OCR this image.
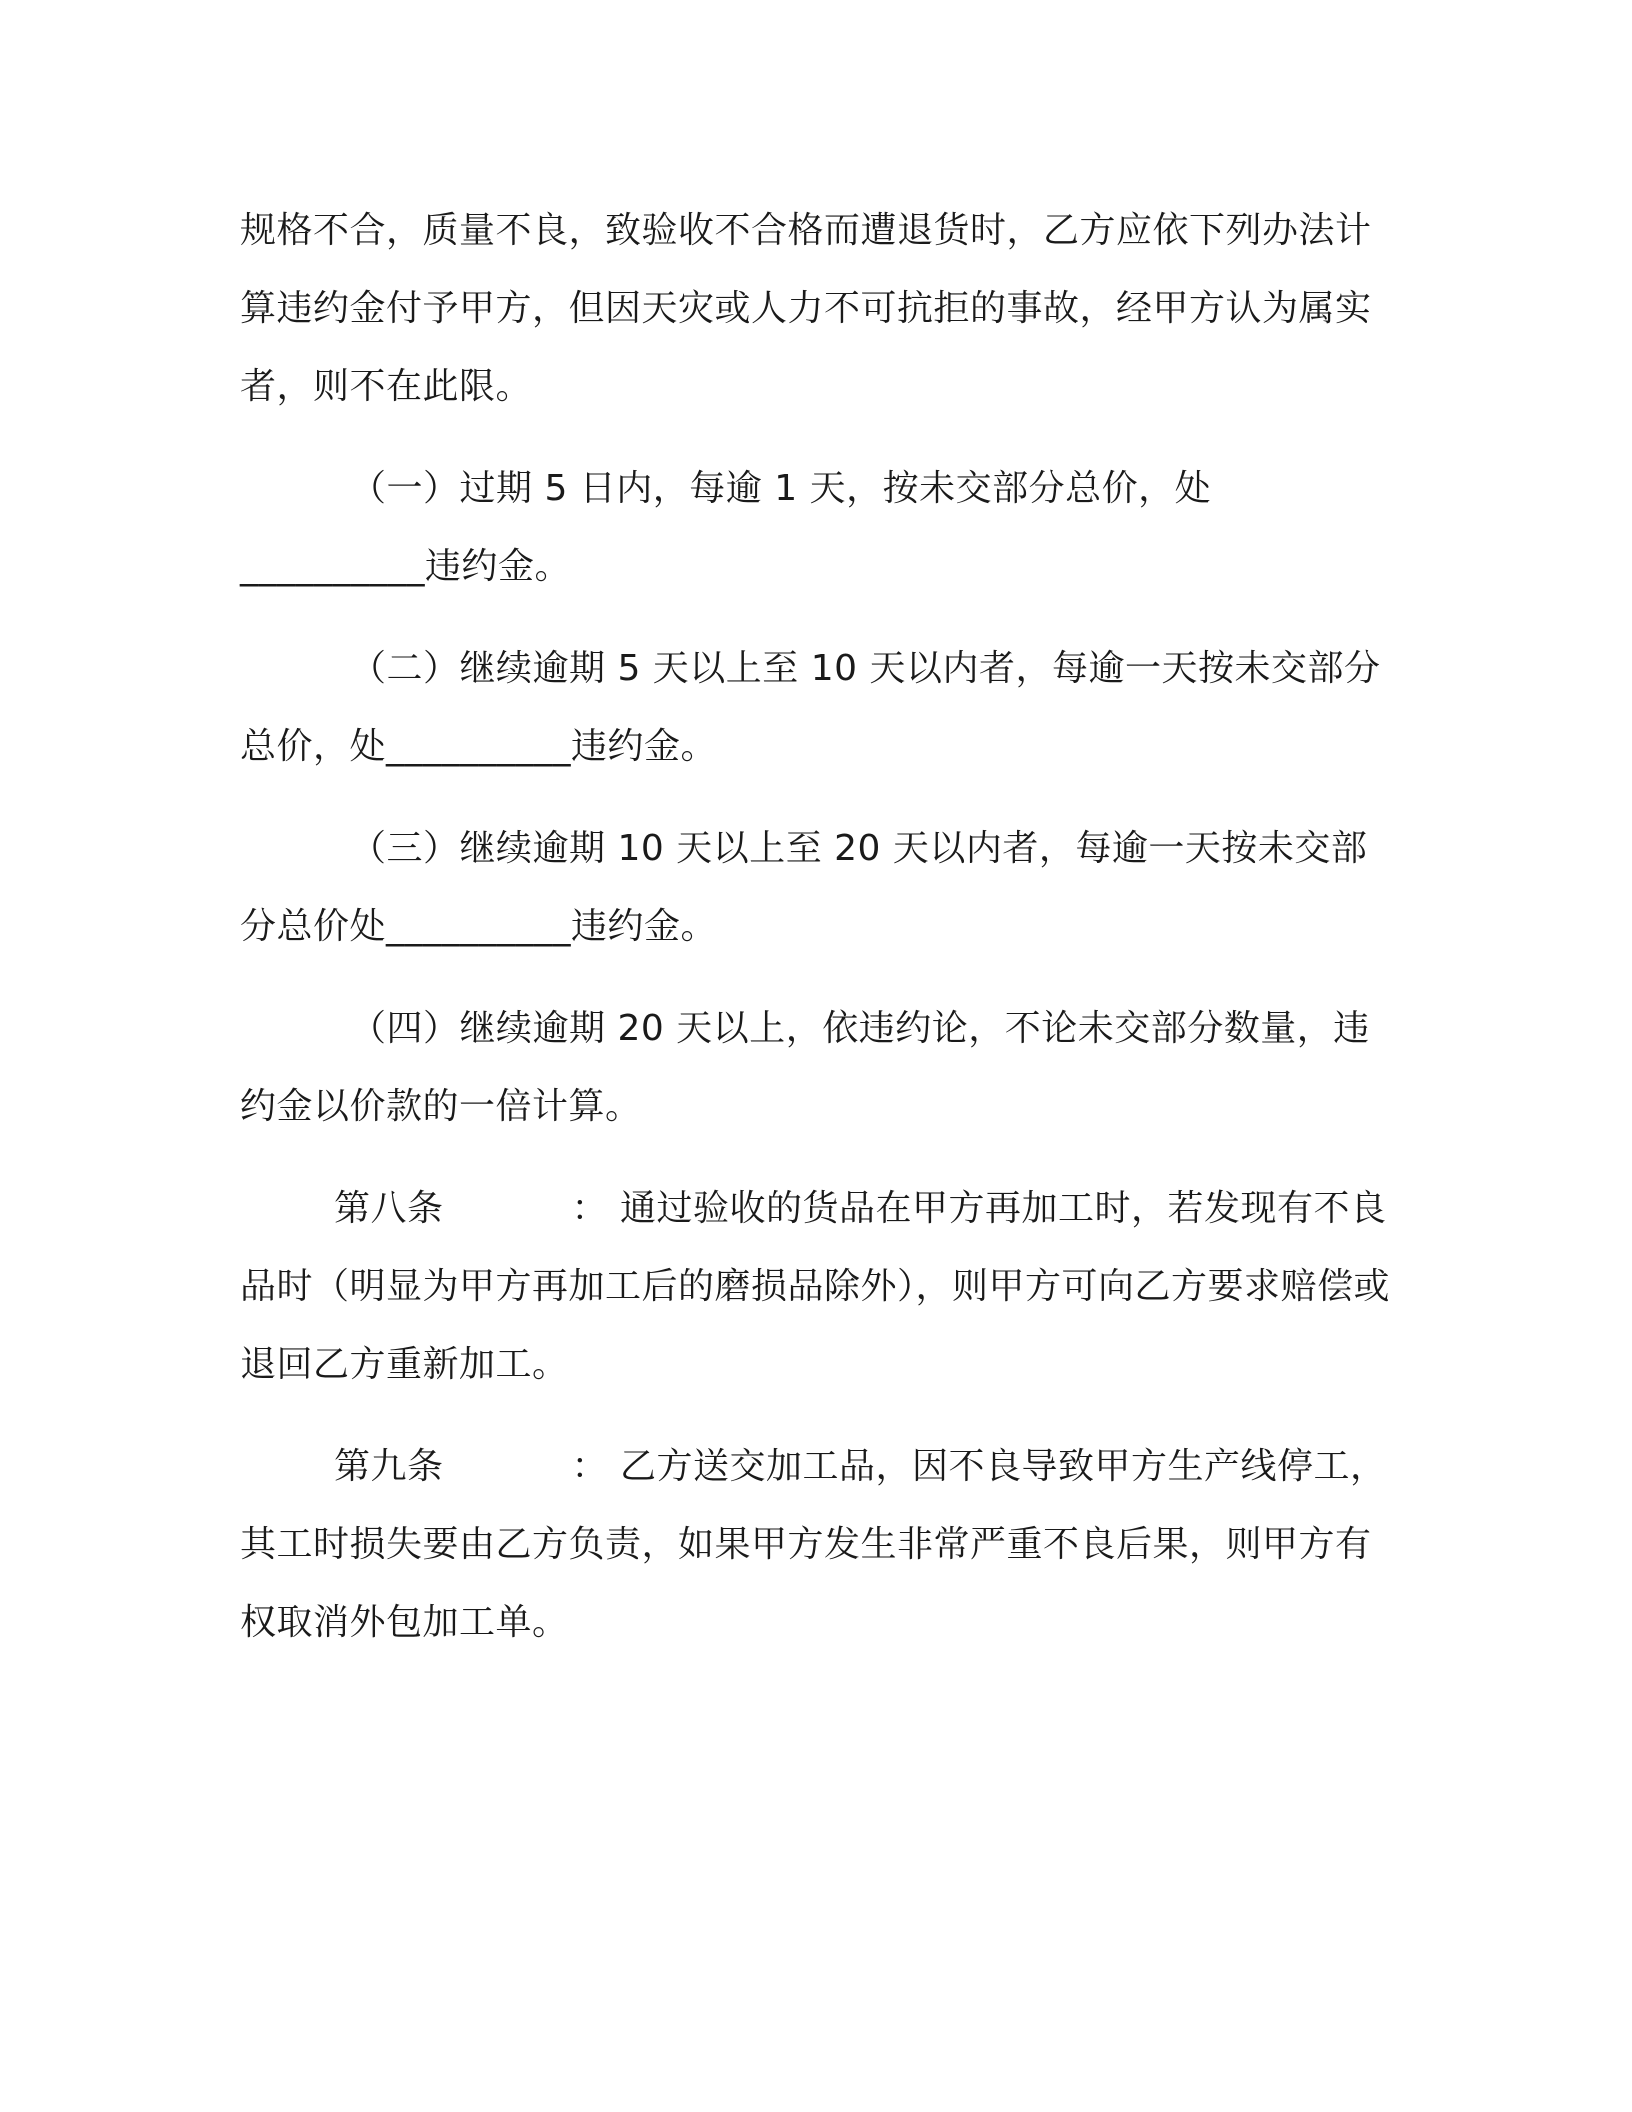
规格不合，质量不良，致验收不合格而遭退货时，乙方应依下列办法计算违约金付予甲方，但因天灾或人力不可抗拒的事故，经甲方认为属实者，则不在此限。

（一）过期 5 日内，每逾 1 天，按未交部分总价，处__________违约金。

（二）继续逾期 5 天以上至 10 天以内者，每逾一天按未交部分总价，处__________违约金。

（三）继续逾期 10 天以上至 20 天以内者，每逾一天按未交部分总价处__________违约金。

（四）继续逾期 20 天以上，依违约论，不论未交部分数量，违约金以价款的一倍计算。

第八条	： 通过验收的货品在甲方再加工时，若发现有不良品时（明显为甲方再加工后的磨损品除外），则甲方可向乙方要求赔偿或退回乙方重新加工。

第九条	： 乙方送交加工品，因不良导致甲方生产线停工，其工时损失要由乙方负责，如果甲方发生非常严重不良后果，则甲方有权取消外包加工单。
